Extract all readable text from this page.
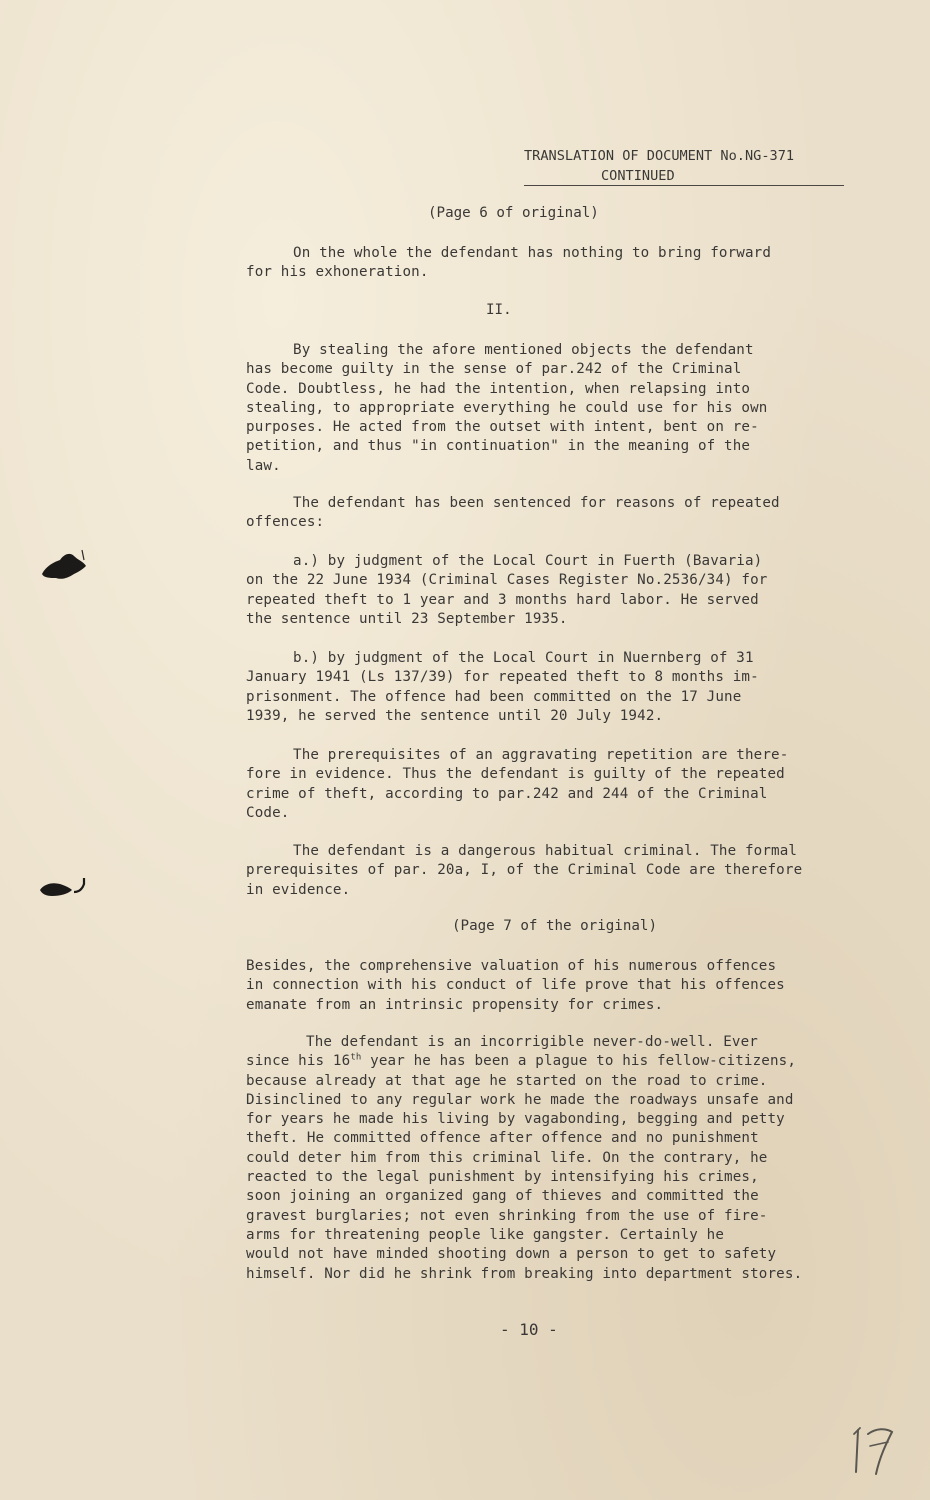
TRANSLATION OF DOCUMENT No.NG-371
CONTINUED
(Page 6 of original)
On the whole the defendant has nothing to bring forward
for his exhoneration.
II.
By stealing the afore mentioned objects the defendant
has become guilty in the sense of par.242 of the Criminal
Code. Doubtless, he had the intention, when relapsing into
stealing, to appropriate everything he could use for his own
purposes. He acted from the outset with intent, bent on re-
petition, and thus "in continuation" in the meaning of the
law.
The defendant has been sentenced for reasons of repeated
offences:
a.) by judgment of the Local Court in Fuerth (Bavaria)
on the 22 June 1934 (Criminal Cases Register No.2536/34) for
repeated theft to 1 year and 3 months hard labor. He served
the sentence until 23 September 1935.
b.) by judgment of the Local Court in Nuernberg of 31
January 1941 (Ls 137/39) for repeated theft to 8 months im-
prisonment. The offence had been committed on the 17 June
1939, he served the sentence until 20 July 1942.
The prerequisites of an aggravating repetition are there-
fore in evidence. Thus the defendant is guilty of the repeated
crime of theft, according to par.242 and 244 of the Criminal
Code.
The defendant is a dangerous habitual criminal. The formal
prerequisites of par. 20a, I, of the Criminal Code are therefore
in evidence.
(Page 7 of the original)
Besides, the comprehensive valuation of his numerous offences
in connection with his conduct of life prove that his offences
emanate from an intrinsic propensity for crimes.
The defendant is an incorrigible never-do-well. Ever
since his 16th year he has been a plague to his fellow-citizens,
because already at that age he started on the road to crime.
Disinclined to any regular work he made the roadways unsafe and
for years he made his living by vagabonding, begging and petty
theft. He committed offence after offence and no punishment
could deter him from this criminal life. On the contrary, he
reacted to the legal punishment by intensifying his crimes,
soon joining an organized gang of thieves and committed the
gravest burglaries; not even shrinking from the use of fire-
arms for threatening people like gangster. Certainly he
would not have minded shooting down a person to get to safety
himself. Nor did he shrink from breaking into department stores.
- 10 -
